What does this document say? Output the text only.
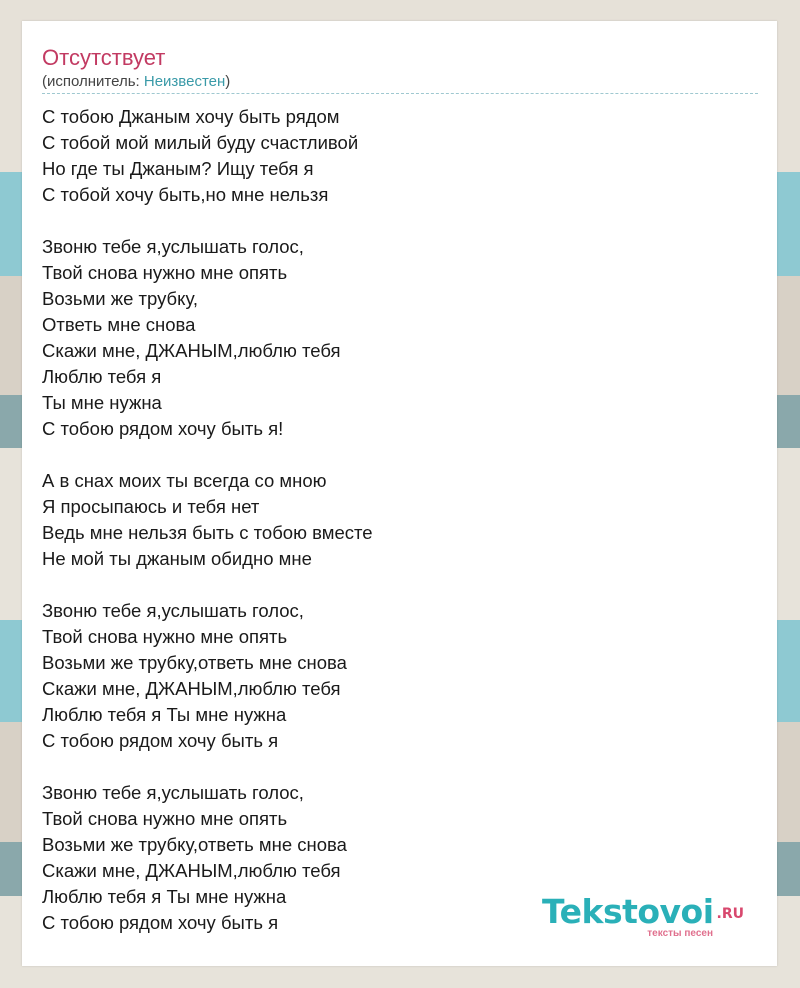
Отсутствует
(исполнитель: Неизвестен)
С тобою Джаным хочу быть рядом
С тобой мой милый буду счастливой
Но где ты Джаным? Ищу тебя я
С тобой хочу быть,но мне нельзя
Звоню тебе я,услышать голос,
Твой снова нужно мне опять
Возьми же трубку,
Ответь мне снова
Скажи мне, ДЖАНЫМ,люблю тебя
Люблю тебя я
Ты мне нужна
С тобою рядом хочу быть я!
А в снах моих ты всегда со мною
Я просыпаюсь и тебя нет
Ведь мне нельзя быть с тобою вместе
Не мой ты джаным обидно мне
Звоню тебе я,услышать голос,
Твой снова нужно мне опять
Возьми же трубку,ответь мне снова
Скажи мне, ДЖАНЫМ,люблю тебя
Люблю тебя я Ты мне нужна
С тобою рядом хочу быть я
Звоню тебе я,услышать голос,
Твой снова нужно мне опять
Возьми же трубку,ответь мне снова
Скажи мне, ДЖАНЫМ,люблю тебя
Люблю тебя я Ты мне нужна
С тобою рядом хочу быть я	Tekstovoi .RU
тексты песен
